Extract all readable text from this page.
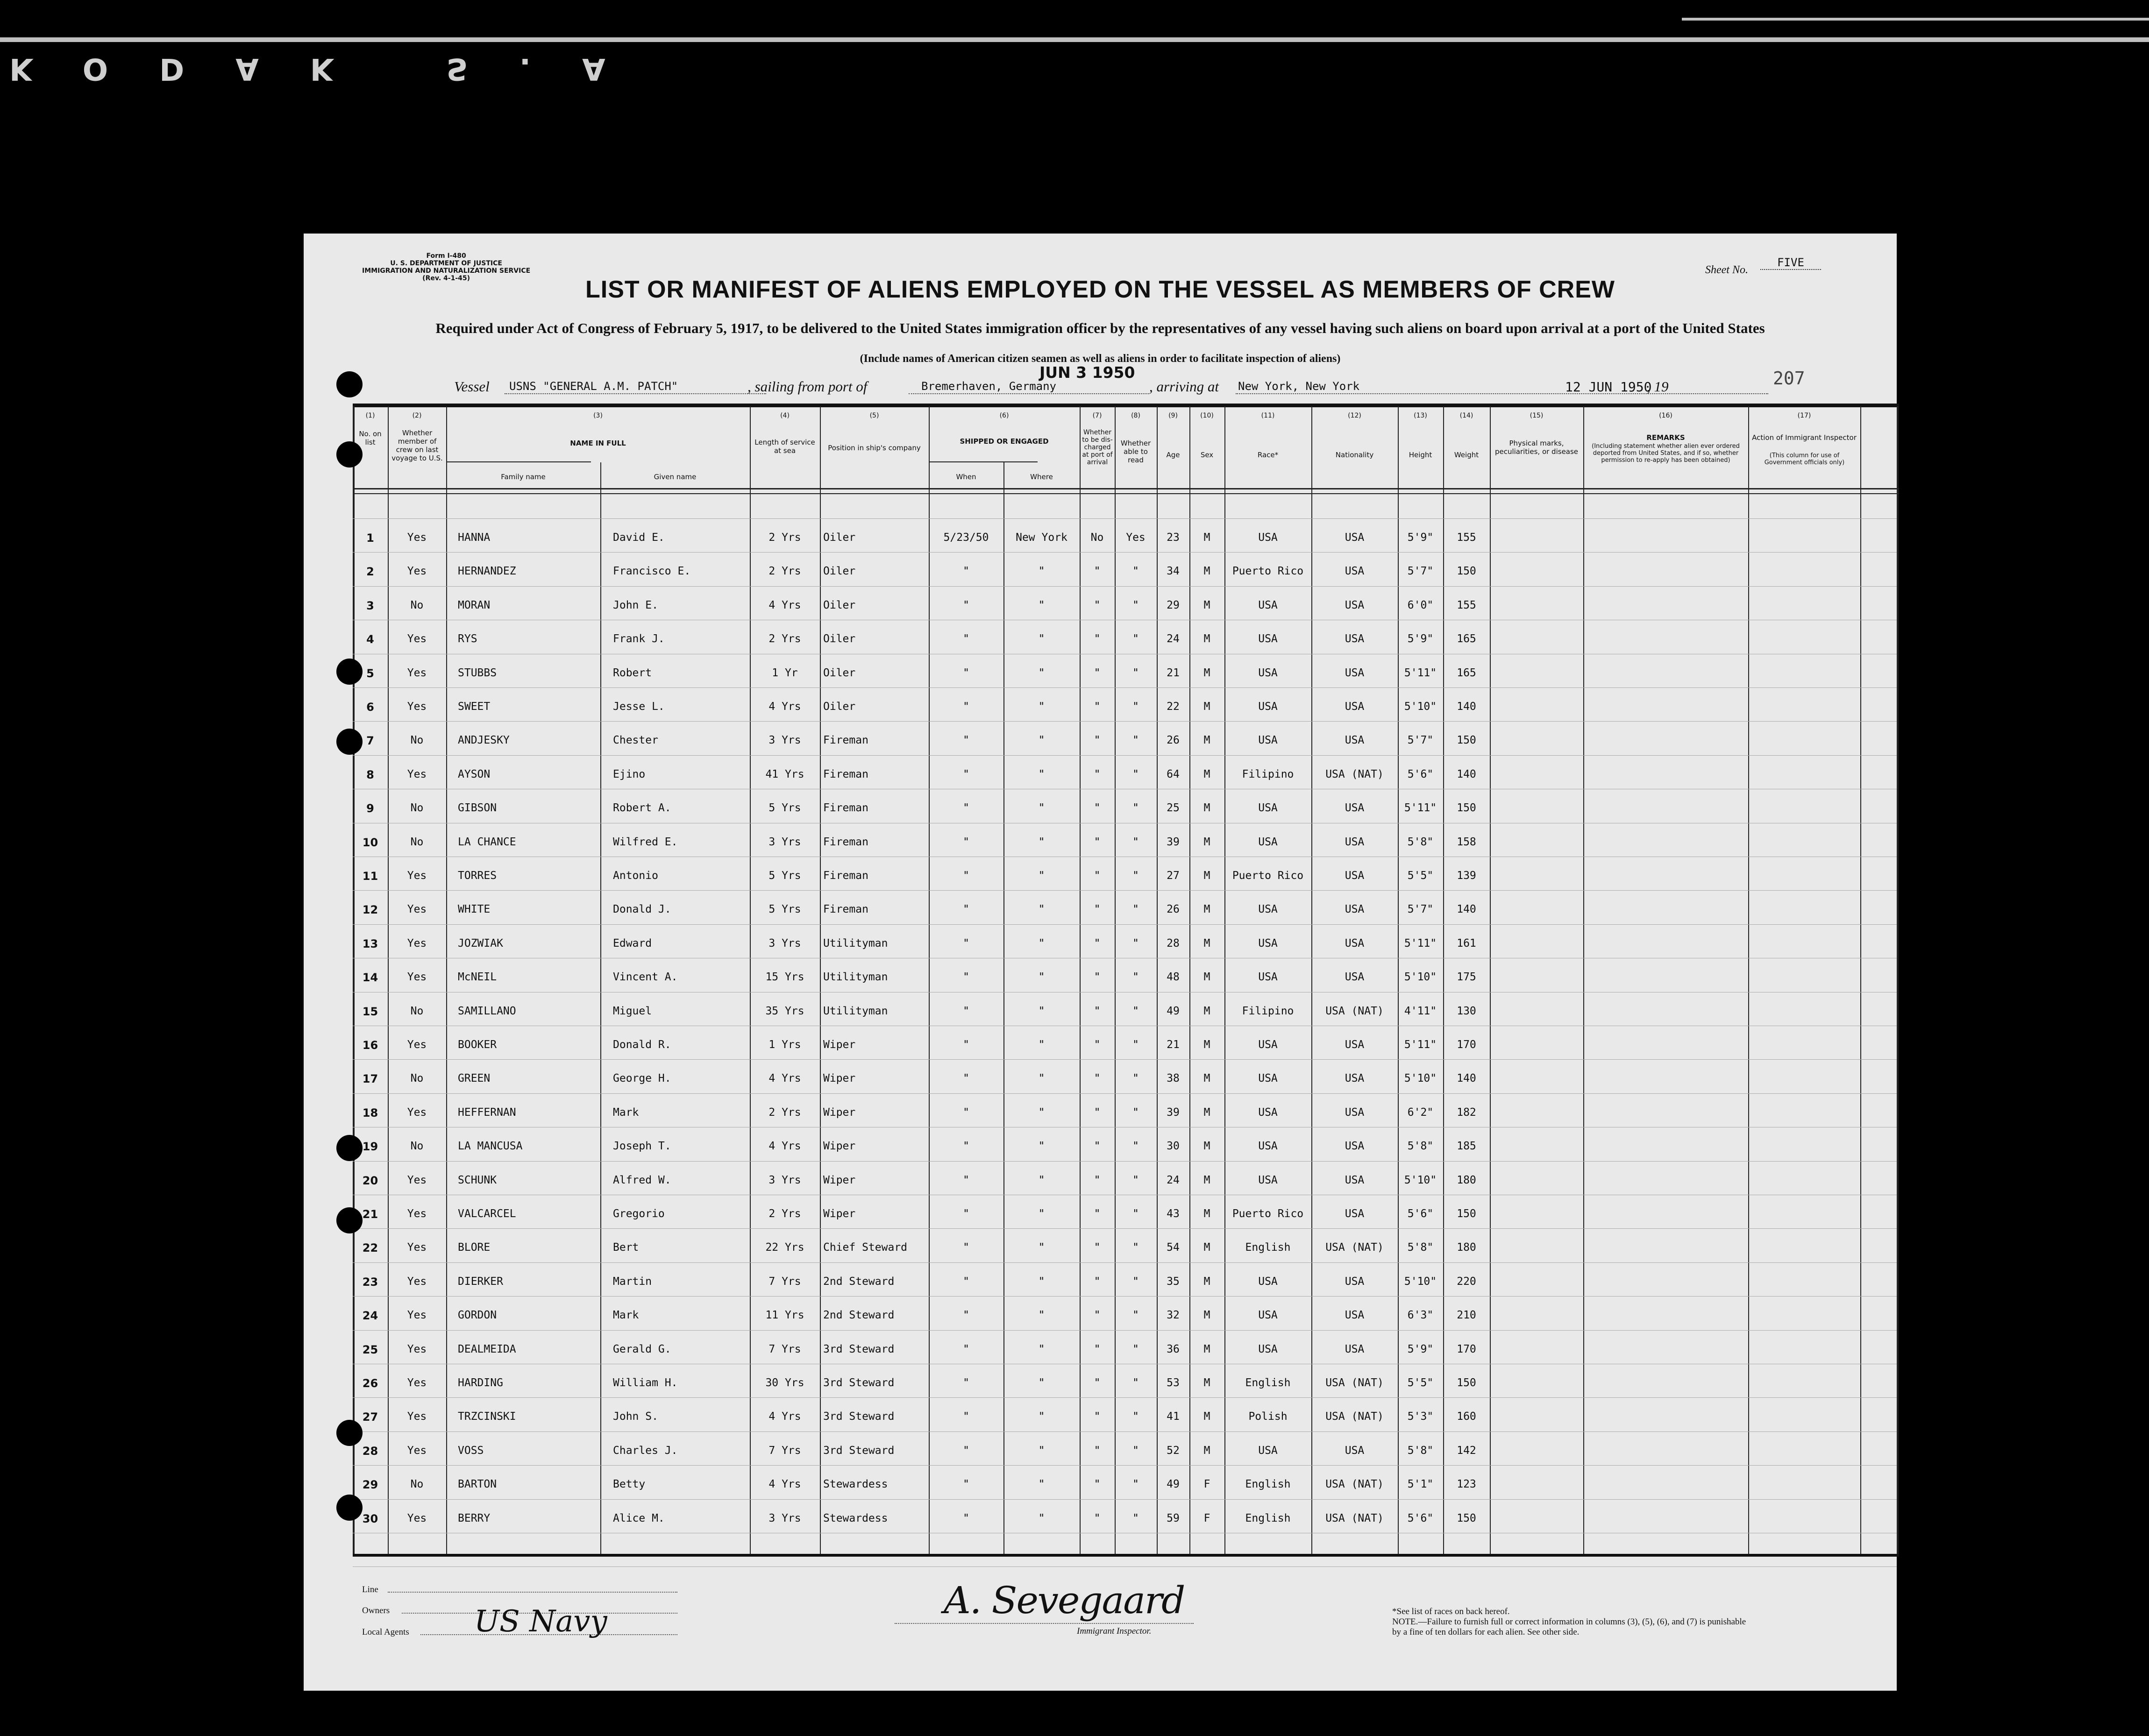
KODAK S.A
Form I-480
U. S. DEPARTMENT OF JUSTICE
IMMIGRATION AND NATURALIZATION SERVICE
(Rev. 4-1-45)
Sheet No.
FIVE
LIST OR MANIFEST OF ALIENS EMPLOYED ON THE VESSEL AS MEMBERS OF CREW
Required under Act of Congress of February 5, 1917, to be delivered to the United States immigration officer by the representatives of any vessel having such aliens on board upon arrival at a port of the United States
(Include names of American citizen seamen as well as aliens in order to facilitate inspection of aliens)
Vessel USNS "GENERAL A.M. PATCH"	, sailing from port of	Bremerhaven, Germany
JUN 3 1950
, arriving at New York, New York	12 JUN 1950
, 19	207
(1)	(2)	(3)	(4)	(5)	(6)	(7)	(8)	(9)	(10)	(11)	(12)	(13)	(14)	(15)	(16)	(17)
No. on list
Whether member of crew on last voyage to U.S.
NAME IN FULL
Family name	Given name
Length of service at sea	Position in ship's company
SHIPPED OR ENGAGED
When	Where
Whether to be dis-charged at port of arrival
Whether able to read
Age	Sex	Race*	Nationality	Height	Weight
Physical marks, peculiarities, or disease
REMARKS
(Including statement whether alien ever ordered deported from United States, and if so, whether permission to re-apply has been obtained)
Action of Immigrant Inspector
(This column for use of Government officials only)
1	Yes	HANNA	David E.	2 Yrs	Oiler	5/23/50	New York	No	Yes	23	M	USA	USA	5'9"	155
2	Yes	HERNANDEZ	Francisco E.	2 Yrs	Oiler	"	"	"	"	34	M	Puerto Rico	USA	5'7"	150
3	No	MORAN	John E.	4 Yrs	Oiler	"	"	"	"	29	M	USA	USA	6'0"	155
4	Yes	RYS	Frank J.	2 Yrs	Oiler	"	"	"	"	24	M	USA	USA	5'9"	165
5	Yes	STUBBS	Robert	1 Yr	Oiler	"	"	"	"	21	M	USA	USA	5'11"	165
6	Yes	SWEET	Jesse L.	4 Yrs	Oiler	"	"	"	"	22	M	USA	USA	5'10"	140
7	No	ANDJESKY	Chester	3 Yrs	Fireman	"	"	"	"	26	M	USA	USA	5'7"	150
8	Yes	AYSON	Ejino	41 Yrs	Fireman	"	"	"	"	64	M	Filipino	USA (NAT)	5'6"	140
9	No	GIBSON	Robert A.	5 Yrs	Fireman	"	"	"	"	25	M	USA	USA	5'11"	150
10	No	LA CHANCE	Wilfred E.	3 Yrs	Fireman	"	"	"	"	39	M	USA	USA	5'8"	158
11	Yes	TORRES	Antonio	5 Yrs	Fireman	"	"	"	"	27	M	Puerto Rico	USA	5'5"	139
12	Yes	WHITE	Donald J.	5 Yrs	Fireman	"	"	"	"	26	M	USA	USA	5'7"	140
13	Yes	JOZWIAK	Edward	3 Yrs	Utilityman	"	"	"	"	28	M	USA	USA	5'11"	161
14	Yes	McNEIL	Vincent A.	15 Yrs	Utilityman	"	"	"	"	48	M	USA	USA	5'10"	175
15	No	SAMILLANO	Miguel	35 Yrs	Utilityman	"	"	"	"	49	M	Filipino	USA (NAT)	4'11"	130
16	Yes	BOOKER	Donald R.	1 Yrs	Wiper	"	"	"	"	21	M	USA	USA	5'11"	170
17	No	GREEN	George H.	4 Yrs	Wiper	"	"	"	"	38	M	USA	USA	5'10"	140
18	Yes	HEFFERNAN	Mark	2 Yrs	Wiper	"	"	"	"	39	M	USA	USA	6'2"	182
19	No	LA MANCUSA	Joseph T.	4 Yrs	Wiper	"	"	"	"	30	M	USA	USA	5'8"	185
20	Yes	SCHUNK	Alfred W.	3 Yrs	Wiper	"	"	"	"	24	M	USA	USA	5'10"	180
21	Yes	VALCARCEL	Gregorio	2 Yrs	Wiper	"	"	"	"	43	M	Puerto Rico	USA	5'6"	150
22	Yes	BLORE	Bert	22 Yrs	Chief Steward	"	"	"	"	54	M	English	USA (NAT)	5'8"	180
23	Yes	DIERKER	Martin	7 Yrs	2nd Steward	"	"	"	"	35	M	USA	USA	5'10"	220
24	Yes	GORDON	Mark	11 Yrs	2nd Steward	"	"	"	"	32	M	USA	USA	6'3"	210
25	Yes	DEALMEIDA	Gerald G.	7 Yrs	3rd Steward	"	"	"	"	36	M	USA	USA	5'9"	170
26	Yes	HARDING	William H.	30 Yrs	3rd Steward	"	"	"	"	53	M	English	USA (NAT)	5'5"	150
27	Yes	TRZCINSKI	John S.	4 Yrs	3rd Steward	"	"	"	"	41	M	Polish	USA (NAT)	5'3"	160
28	Yes	VOSS	Charles J.	7 Yrs	3rd Steward	"	"	"	"	52	M	USA	USA	5'8"	142
29	No	BARTON	Betty	4 Yrs	Stewardess	"	"	"	"	49	F	English	USA (NAT)	5'1"	123
30	Yes	BERRY	Alice M.	3 Yrs	Stewardess	"	"	"	"	59	F	English	USA (NAT)	5'6"	150
Line
Owners
Local Agents US Navy	A. Sevegaard
Immigrant Inspector.
*See list of races on back hereof.
NOTE.—Failure to furnish full or correct information in columns (3), (5), (6), and (7) is punishable by a fine of ten dollars for each alien. See other side.
